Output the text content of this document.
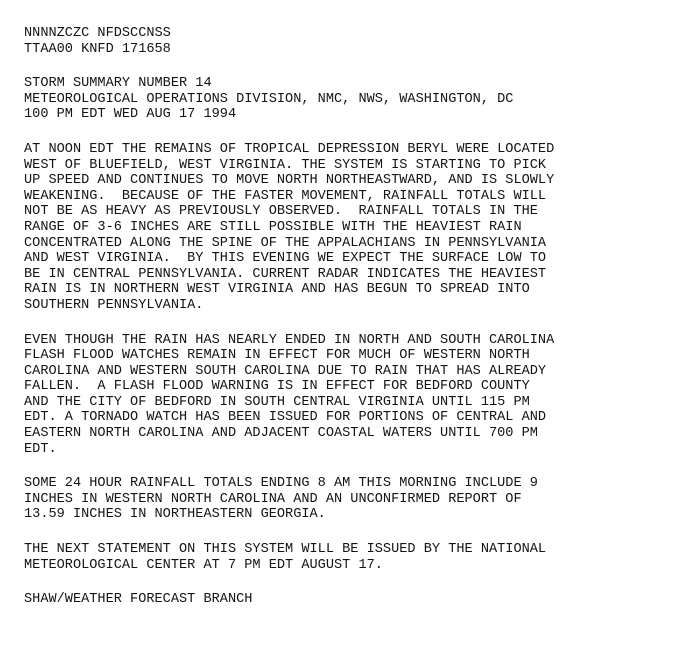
NNNNZCZC NFDSCCNSS
TTAA00 KNFD 171658
STORM SUMMARY NUMBER 14
METEOROLOGICAL OPERATIONS DIVISION, NMC, NWS, WASHINGTON, DC
100 PM EDT WED AUG 17 1994
AT NOON EDT THE REMAINS OF TROPICAL DEPRESSION BERYL WERE LOCATED
WEST OF BLUEFIELD, WEST VIRGINIA. THE SYSTEM IS STARTING TO PICK
UP SPEED AND CONTINUES TO MOVE NORTH NORTHEASTWARD, AND IS SLOWLY
WEAKENING.  BECAUSE OF THE FASTER MOVEMENT, RAINFALL TOTALS WILL
NOT BE AS HEAVY AS PREVIOUSLY OBSERVED.  RAINFALL TOTALS IN THE
RANGE OF 3-6 INCHES ARE STILL POSSIBLE WITH THE HEAVIEST RAIN
CONCENTRATED ALONG THE SPINE OF THE APPALACHIANS IN PENNSYLVANIA
AND WEST VIRGINIA.  BY THIS EVENING WE EXPECT THE SURFACE LOW TO
BE IN CENTRAL PENNSYLVANIA. CURRENT RADAR INDICATES THE HEAVIEST
RAIN IS IN NORTHERN WEST VIRGINIA AND HAS BEGUN TO SPREAD INTO
SOUTHERN PENNSYLVANIA.
EVEN THOUGH THE RAIN HAS NEARLY ENDED IN NORTH AND SOUTH CAROLINA
FLASH FLOOD WATCHES REMAIN IN EFFECT FOR MUCH OF WESTERN NORTH
CAROLINA AND WESTERN SOUTH CAROLINA DUE TO RAIN THAT HAS ALREADY
FALLEN.  A FLASH FLOOD WARNING IS IN EFFECT FOR BEDFORD COUNTY
AND THE CITY OF BEDFORD IN SOUTH CENTRAL VIRGINIA UNTIL 115 PM
EDT. A TORNADO WATCH HAS BEEN ISSUED FOR PORTIONS OF CENTRAL AND
EASTERN NORTH CAROLINA AND ADJACENT COASTAL WATERS UNTIL 700 PM
EDT.
SOME 24 HOUR RAINFALL TOTALS ENDING 8 AM THIS MORNING INCLUDE 9
INCHES IN WESTERN NORTH CAROLINA AND AN UNCONFIRMED REPORT OF
13.59 INCHES IN NORTHEASTERN GEORGIA.
THE NEXT STATEMENT ON THIS SYSTEM WILL BE ISSUED BY THE NATIONAL
METEOROLOGICAL CENTER AT 7 PM EDT AUGUST 17.
SHAW/WEATHER FORECAST BRANCH
